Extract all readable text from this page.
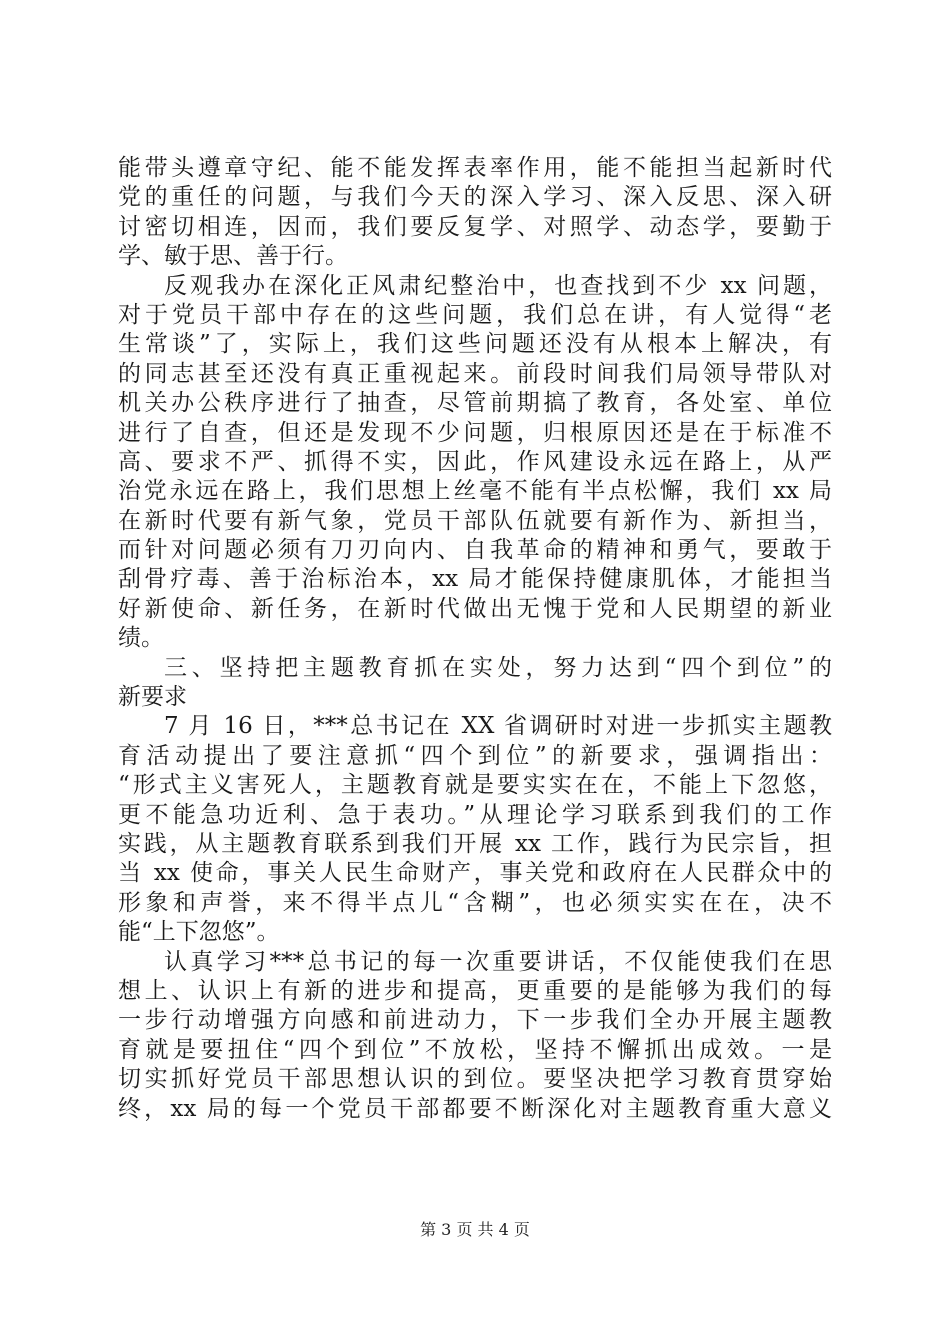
能带头遵章守纪、能不能发挥表率作用，能不能担当起新时代
党的重任的问题，与我们今天的深入学习、深入反思、深入研
讨密切相连，因而，我们要反复学、对照学、动态学，要勤于
学、敏于思、善于行。
反观我办在深化正风肃纪整治中，也查找到不少 xx 问题，
对于党员干部中存在的这些问题，我们总在讲，有人觉得“老
生常谈”了，实际上，我们这些问题还没有从根本上解决，有
的同志甚至还没有真正重视起来。前段时间我们局领导带队对
机关办公秩序进行了抽查，尽管前期搞了教育，各处室、单位
进行了自查，但还是发现不少问题，归根原因还是在于标准不
高、要求不严、抓得不实，因此，作风建设永远在路上，从严
治党永远在路上，我们思想上丝毫不能有半点松懈，我们 xx 局
在新时代要有新气象，党员干部队伍就要有新作为、新担当，
而针对问题必须有刀刃向内、自我革命的精神和勇气，要敢于
刮骨疗毒、善于治标治本，xx 局才能保持健康肌体，才能担当
好新使命、新任务，在新时代做出无愧于党和人民期望的新业
绩。
三、坚持把主题教育抓在实处，努力达到“四个到位”的
新要求
7 月 16 日，***总书记在 XX 省调研时对进一步抓实主题教
育活动提出了要注意抓“四个到位”的新要求，强调指出：
“形式主义害死人，主题教育就是要实实在在，不能上下忽悠，
更不能急功近利、急于表功。”从理论学习联系到我们的工作
实践，从主题教育联系到我们开展 xx 工作，践行为民宗旨，担
当 xx 使命，事关人民生命财产，事关党和政府在人民群众中的
形象和声誉，来不得半点儿“含糊”，也必须实实在在，决不
能“上下忽悠”。
认真学习***总书记的每一次重要讲话，不仅能使我们在思
想上、认识上有新的进步和提高，更重要的是能够为我们的每
一步行动增强方向感和前进动力，下一步我们全办开展主题教
育就是要扭住“四个到位”不放松，坚持不懈抓出成效。一是
切实抓好党员干部思想认识的到位。要坚决把学习教育贯穿始
终，xx 局的每一个党员干部都要不断深化对主题教育重大意义
第 3 页 共 4 页
